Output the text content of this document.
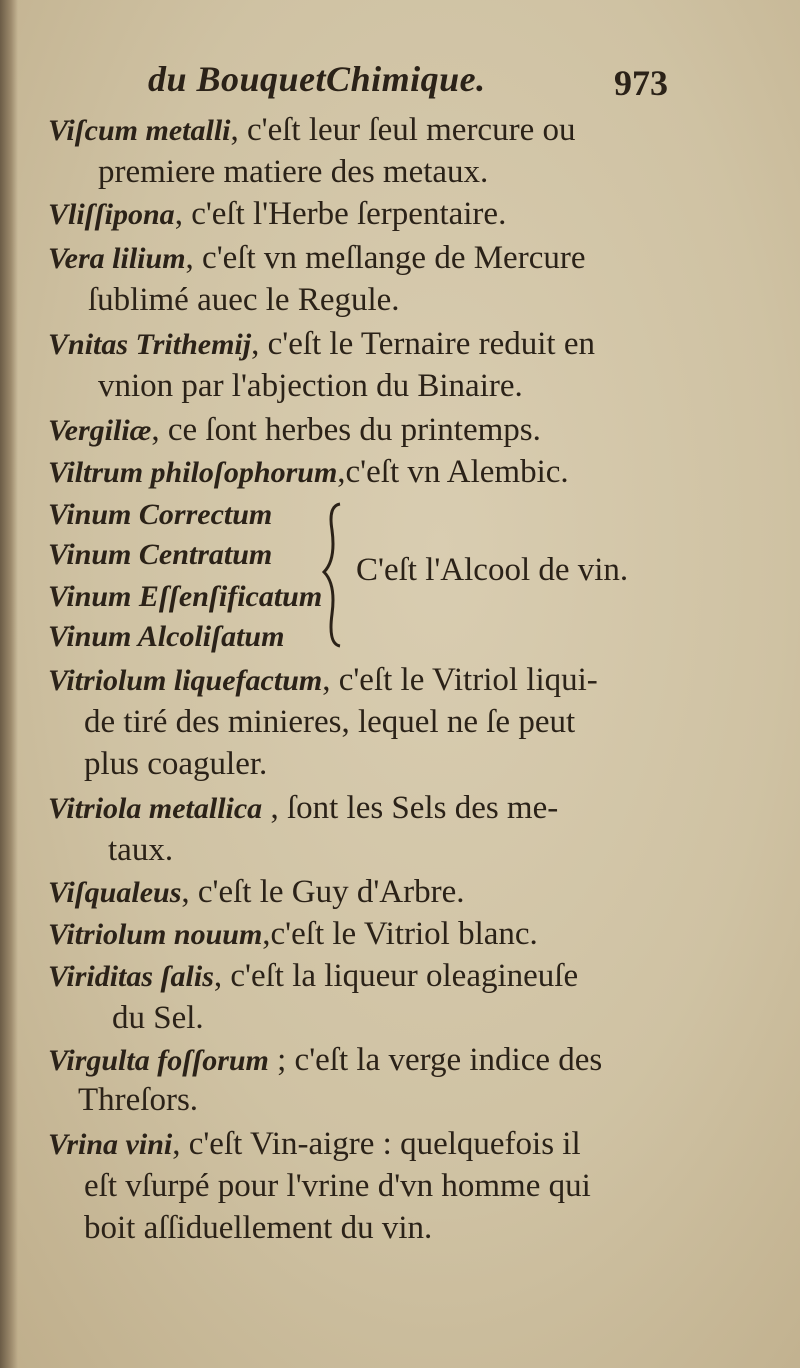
du BouquetChimique.	973
Viſcum metalli, c'eſt leur ſeul mercure ou
premiere matiere des metaux.
Vliſſipona, c'eſt l'Herbe ſerpentaire.
Vera lilium, c'eſt vn meſlange de Mercure
ſublimé auec le Regule.
Vnitas Trithemij, c'eſt le Ternaire reduit en
vnion par l'abjection du Binaire.
Vergiliæ, ce ſont herbes du printemps.
Viltrum philoſophorum,c'eſt vn Alembic.
Vinum Correctum
Vinum Centratum
Vinum Eſſenſificatum
Vinum Alcoliſatum
Vitriolum liquefactum, c'eſt le Vitriol liqui-
de tiré des minieres, lequel ne ſe peut
plus coaguler.
Vitriola metallica , ſont les Sels des me-
taux.
Viſqualeus, c'eſt le Guy d'Arbre.
Vitriolum nouum,c'eſt le Vitriol blanc.
Viriditas ſalis, c'eſt la liqueur oleagineuſe
du Sel.
Virgulta foſſorum ; c'eſt la verge indice des
Threſors.
Vrina vini, c'eſt Vin-aigre : quelquefois il
eſt vſurpé pour l'vrine d'vn homme qui
boit aſſiduellement du vin.
C'eſt l'Alcool de vin.
